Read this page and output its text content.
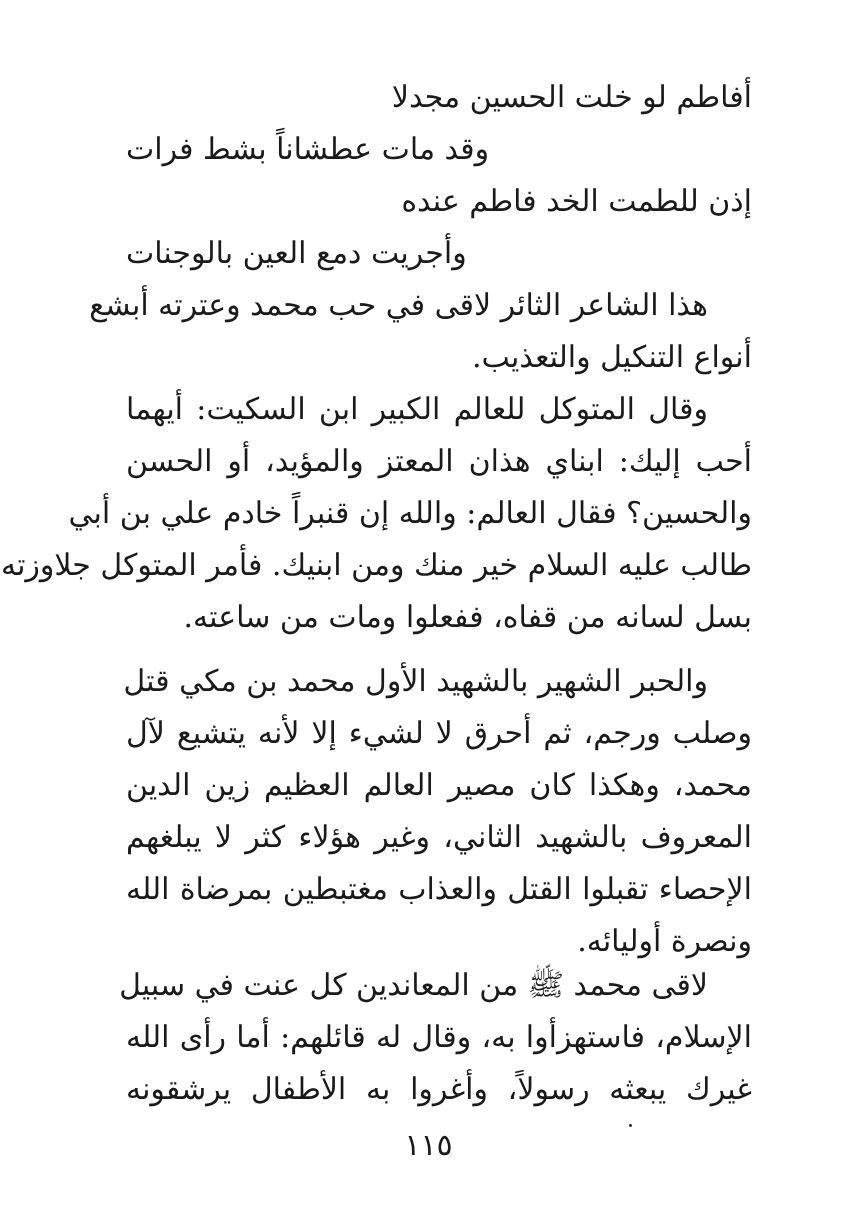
أفاطم لو خلت الحسين مجدلا
وقد مات عطشاناً بشط فرات
إذن للطمت الخد فاطم عنده
وأجريت دمع العين بالوجنات
هذا الشاعر الثائر لاقى في حب محمد وعترته أبشع
أنواع التنكيل والتعذيب.
وقال المتوكل للعالم الكبير ابن السكيت: أيهما
أحب إليك: ابناي هذان المعتز والمؤيد، أو الحسن
والحسين؟ فقال العالم: والله إن قنبراً خادم علي بن أبي
طالب عليه السلام خير منك ومن ابنيك. فأمر المتوكل جلاوزته
بسل لسانه من قفاه، ففعلوا ومات من ساعته.
والحبر الشهير بالشهيد الأول محمد بن مكي قتل
وصلب ورجم، ثم أحرق لا لشيء إلا لأنه يتشيع لآل
محمد، وهكذا كان مصير العالم العظيم زين الدين
المعروف بالشهيد الثاني، وغير هؤلاء كثر لا يبلغهم
الإحصاء تقبلوا القتل والعذاب مغتبطين بمرضاة الله
ونصرة أوليائه.
لاقى محمد ﷺ من المعاندين كل عنت في سبيل
الإسلام، فاستهزأوا به، وقال له قائلهم: أما رأى الله
غيرك يبعثه رسولاً، وأغروا به الأطفال يرشقونه
١١٥
